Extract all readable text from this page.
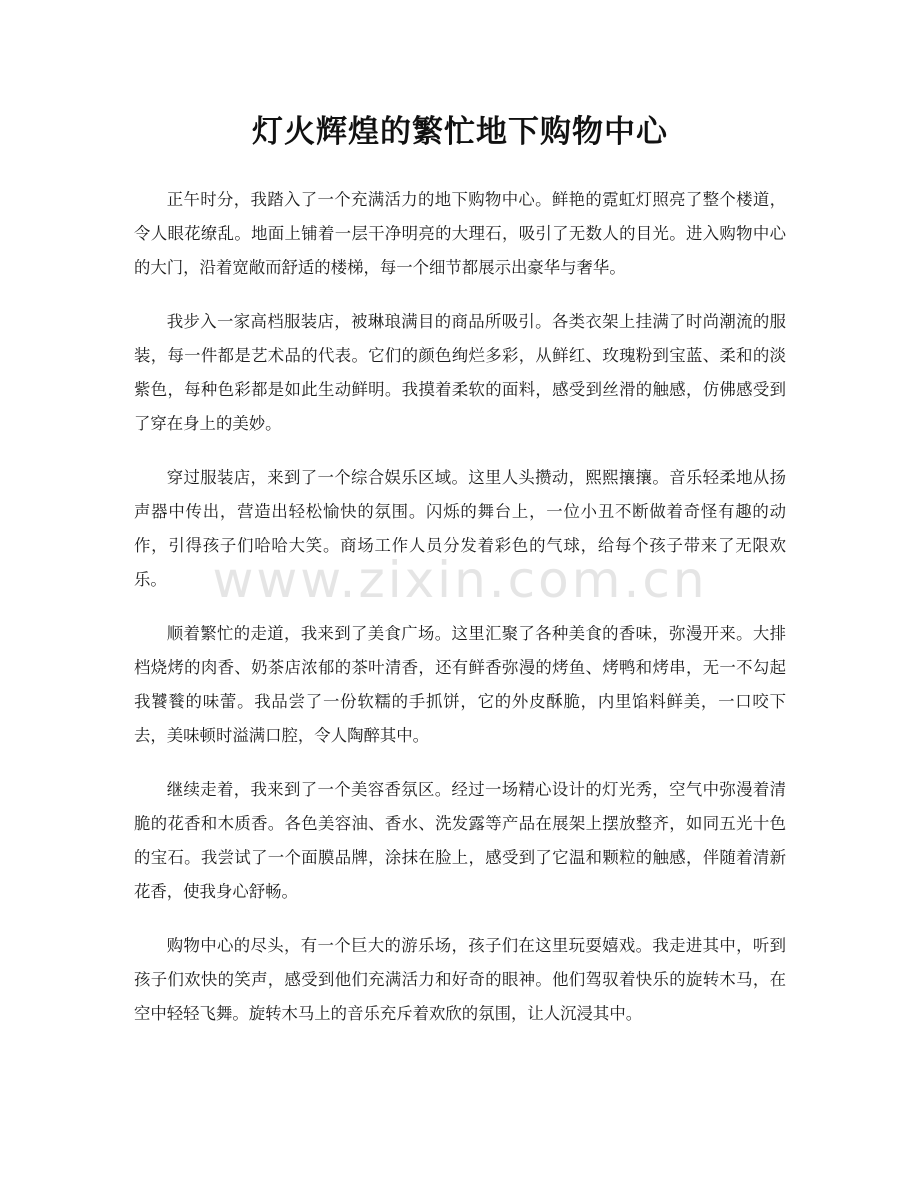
灯火辉煌的繁忙地下购物中心

正午时分，我踏入了一个充满活力的地下购物中心。鲜艳的霓虹灯照亮了整个楼道，令人眼花缭乱。地面上铺着一层干净明亮的大理石，吸引了无数人的目光。进入购物中心的大门，沿着宽敞而舒适的楼梯，每一个细节都展示出豪华与奢华。

我步入一家高档服装店，被琳琅满目的商品所吸引。各类衣架上挂满了时尚潮流的服装，每一件都是艺术品的代表。它们的颜色绚烂多彩，从鲜红、玫瑰粉到宝蓝、柔和的淡紫色，每种色彩都是如此生动鲜明。我摸着柔软的面料，感受到丝滑的触感，仿佛感受到了穿在身上的美妙。

穿过服装店，来到了一个综合娱乐区域。这里人头攒动，熙熙攘攘。音乐轻柔地从扬声器中传出，营造出轻松愉快的氛围。闪烁的舞台上，一位小丑不断做着奇怪有趣的动作，引得孩子们哈哈大笑。商场工作人员分发着彩色的气球，给每个孩子带来了无限欢乐。

顺着繁忙的走道，我来到了美食广场。这里汇聚了各种美食的香味，弥漫开来。大排档烧烤的肉香、奶茶店浓郁的茶叶清香，还有鲜香弥漫的烤鱼、烤鸭和烤串，无一不勾起我饕餮的味蕾。我品尝了一份软糯的手抓饼，它的外皮酥脆，内里馅料鲜美，一口咬下去，美味顿时溢满口腔，令人陶醉其中。

继续走着，我来到了一个美容香氛区。经过一场精心设计的灯光秀，空气中弥漫着清脆的花香和木质香。各色美容油、香水、洗发露等产品在展架上摆放整齐，如同五光十色的宝石。我尝试了一个面膜品牌，涂抹在脸上，感受到了它温和颗粒的触感，伴随着清新花香，使我身心舒畅。

购物中心的尽头，有一个巨大的游乐场，孩子们在这里玩耍嬉戏。我走进其中，听到孩子们欢快的笑声，感受到他们充满活力和好奇的眼神。他们驾驭着快乐的旋转木马，在空中轻轻飞舞。旋转木马上的音乐充斥着欢欣的氛围，让人沉浸其中。

www.zixin.com.cn
